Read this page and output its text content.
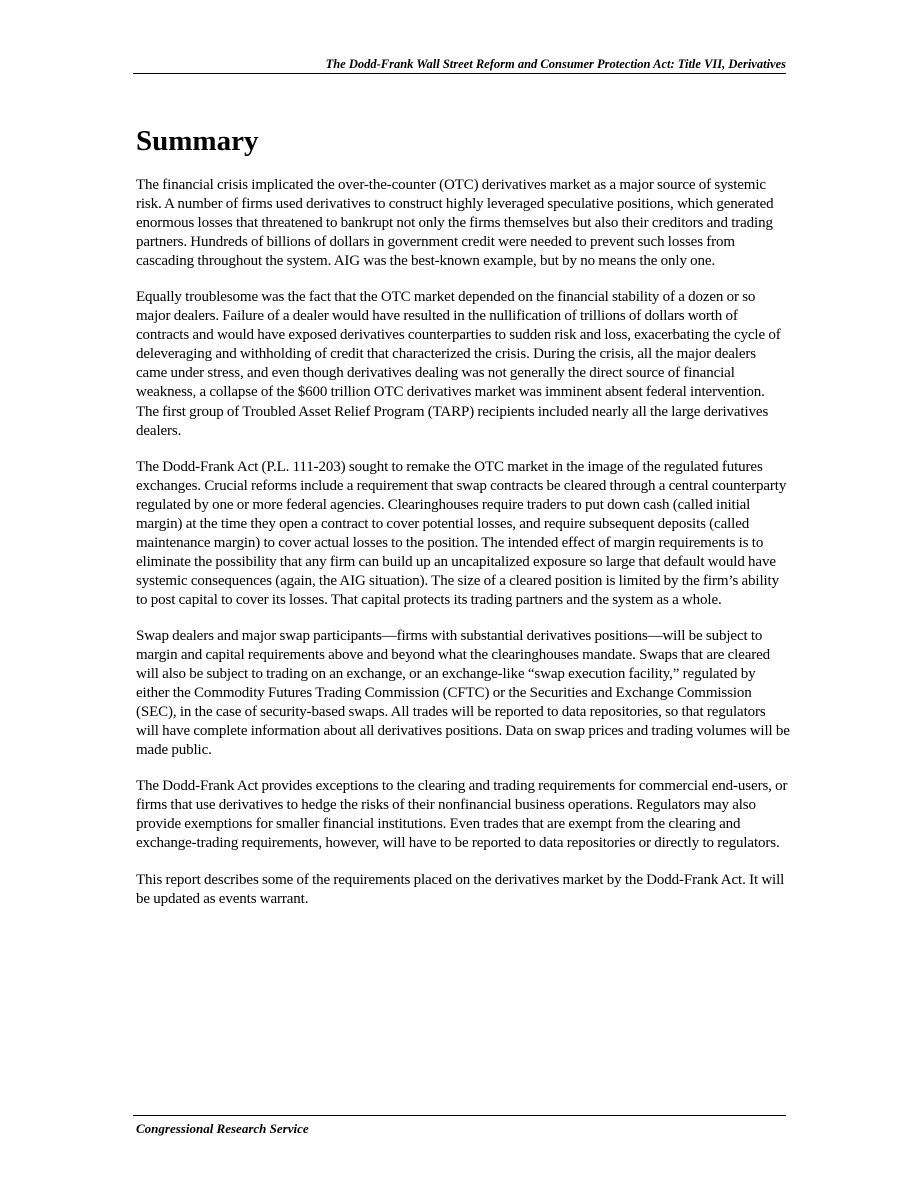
The Dodd-Frank Wall Street Reform and Consumer Protection Act: Title VII, Derivatives
Summary

The financial crisis implicated the over-the-counter (OTC) derivatives market as a major source of systemic risk. A number of firms used derivatives to construct highly leveraged speculative positions, which generated enormous losses that threatened to bankrupt not only the firms themselves but also their creditors and trading partners. Hundreds of billions of dollars in government credit were needed to prevent such losses from cascading throughout the system. AIG was the best-known example, but by no means the only one.

Equally troublesome was the fact that the OTC market depended on the financial stability of a dozen or so major dealers. Failure of a dealer would have resulted in the nullification of trillions of dollars worth of contracts and would have exposed derivatives counterparties to sudden risk and loss, exacerbating the cycle of deleveraging and withholding of credit that characterized the crisis. During the crisis, all the major dealers came under stress, and even though derivatives dealing was not generally the direct source of financial weakness, a collapse of the $600 trillion OTC derivatives market was imminent absent federal intervention. The first group of Troubled Asset Relief Program (TARP) recipients included nearly all the large derivatives dealers.

The Dodd-Frank Act (P.L. 111-203) sought to remake the OTC market in the image of the regulated futures exchanges. Crucial reforms include a requirement that swap contracts be cleared through a central counterparty regulated by one or more federal agencies. Clearinghouses require traders to put down cash (called initial margin) at the time they open a contract to cover potential losses, and require subsequent deposits (called maintenance margin) to cover actual losses to the position. The intended effect of margin requirements is to eliminate the possibility that any firm can build up an uncapitalized exposure so large that default would have systemic consequences (again, the AIG situation). The size of a cleared position is limited by the firm’s ability to post capital to cover its losses. That capital protects its trading partners and the system as a whole.

Swap dealers and major swap participants—firms with substantial derivatives positions—will be subject to margin and capital requirements above and beyond what the clearinghouses mandate. Swaps that are cleared will also be subject to trading on an exchange, or an exchange-like “swap execution facility,” regulated by either the Commodity Futures Trading Commission (CFTC) or the Securities and Exchange Commission (SEC), in the case of security-based swaps. All trades will be reported to data repositories, so that regulators will have complete information about all derivatives positions. Data on swap prices and trading volumes will be made public.

The Dodd-Frank Act provides exceptions to the clearing and trading requirements for commercial end-users, or firms that use derivatives to hedge the risks of their nonfinancial business operations. Regulators may also provide exemptions for smaller financial institutions. Even trades that are exempt from the clearing and exchange-trading requirements, however, will have to be reported to data repositories or directly to regulators.

This report describes some of the requirements placed on the derivatives market by the Dodd-Frank Act. It will be updated as events warrant.

Congressional Research Service
